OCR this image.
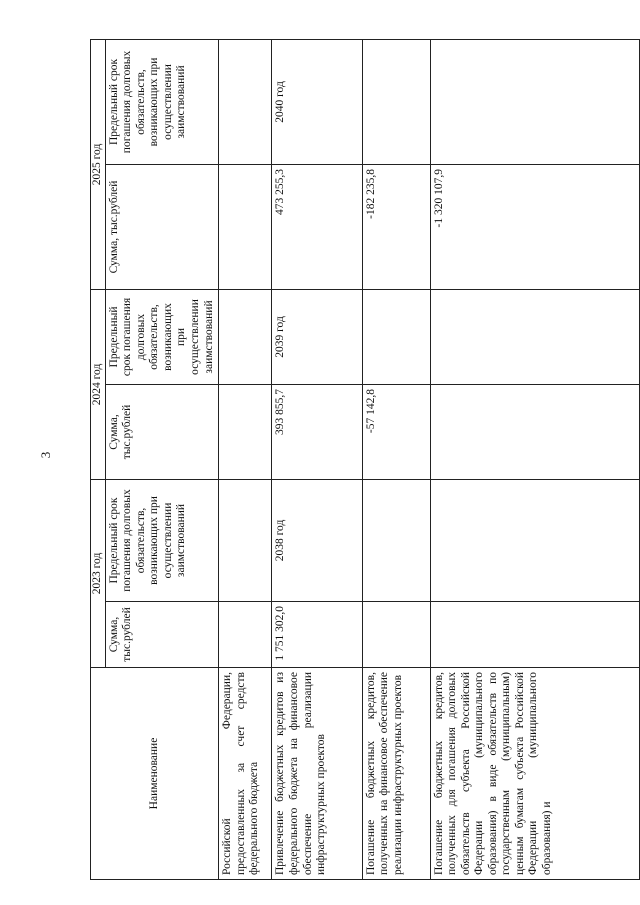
3
Наименование	2023 год		2024 год		2025 год	
	Сумма, тыс.рублей	Предельный срок погашения долговых обязательств, возникающих при осуществлении заимствований	Сумма, тыс.рублей	Предельный срок погашения долговых обязательств, возникающих при осуществлении заимствований	Сумма, тыс.рублей	Предельный срок погашения долговых обязательств, возникающих при осуществлении заимствований
Российской Федерации, предоставленных за счет средств федерального бюджета						
Привлечение бюджетных кредитов из федерального бюджета на финансовое обеспечение реализации инфраструктурных проектов	1 751 302,0	2038 год	393 855,7	2039 год	473 255,3	2040 год
Погашение бюджетных кредитов, полученных на финансовое обеспечение реализации инфраструктурных проектов			-57 142,8		-182 235,8	
Погашение бюджетных кредитов, полученных для погашения долговых обязательств субъекта Российской Федерации (муниципального образования) в виде обязательств по государственным (муниципальным) ценным бумагам субъекта Российской Федерации (муниципального образования) и					-1 320 107,9	
